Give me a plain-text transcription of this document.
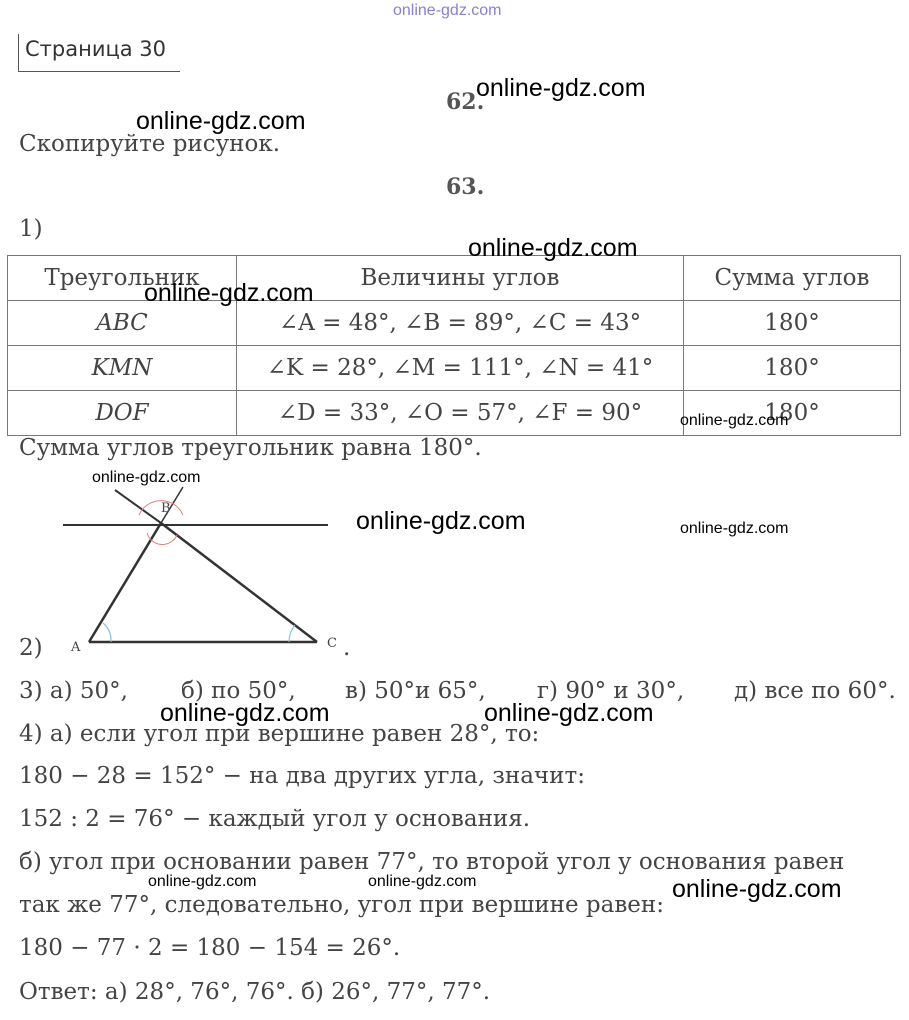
online-gdz.com
Страница 30
62.
Скопируйте рисунок.
63.
1)
Треугольник	Величины углов	Сумма углов
ABC	∠A = 48°, ∠B = 89°, ∠C = 43°	180°
KMN	∠K = 28°, ∠M = 111°, ∠N = 41°	180°
DOF	∠D = 33°, ∠O = 57°, ∠F = 90°	180°
Сумма углов треугольник равна 180°.
A
B
C
2)	.
3) а) 50°, б) по 50°, в) 50°и 65°, г) 90° и 30°, д) все по 60°.
4) а) если угол при вершине равен 28°, то:
180 − 28 = 152° − на два других угла, значит:
152 : 2 = 76° − каждый угол у основания.
б) угол при основании равен 77°, то второй угол у основания равен
так же 77°, следовательно, угол при вершине равен:
180 − 77 · 2 = 180 − 154 = 26°.
Ответ: а) 28°, 76°, 76°. б) 26°, 77°, 77°.
online-gdz.com
online-gdz.com
online-gdz.com
online-gdz.com
online-gdz.com
online-gdz.com
online-gdz.com	online-gdz.com
online-gdz.com	online-gdz.com
online-gdz.com	online-gdz.com	online-gdz.com
